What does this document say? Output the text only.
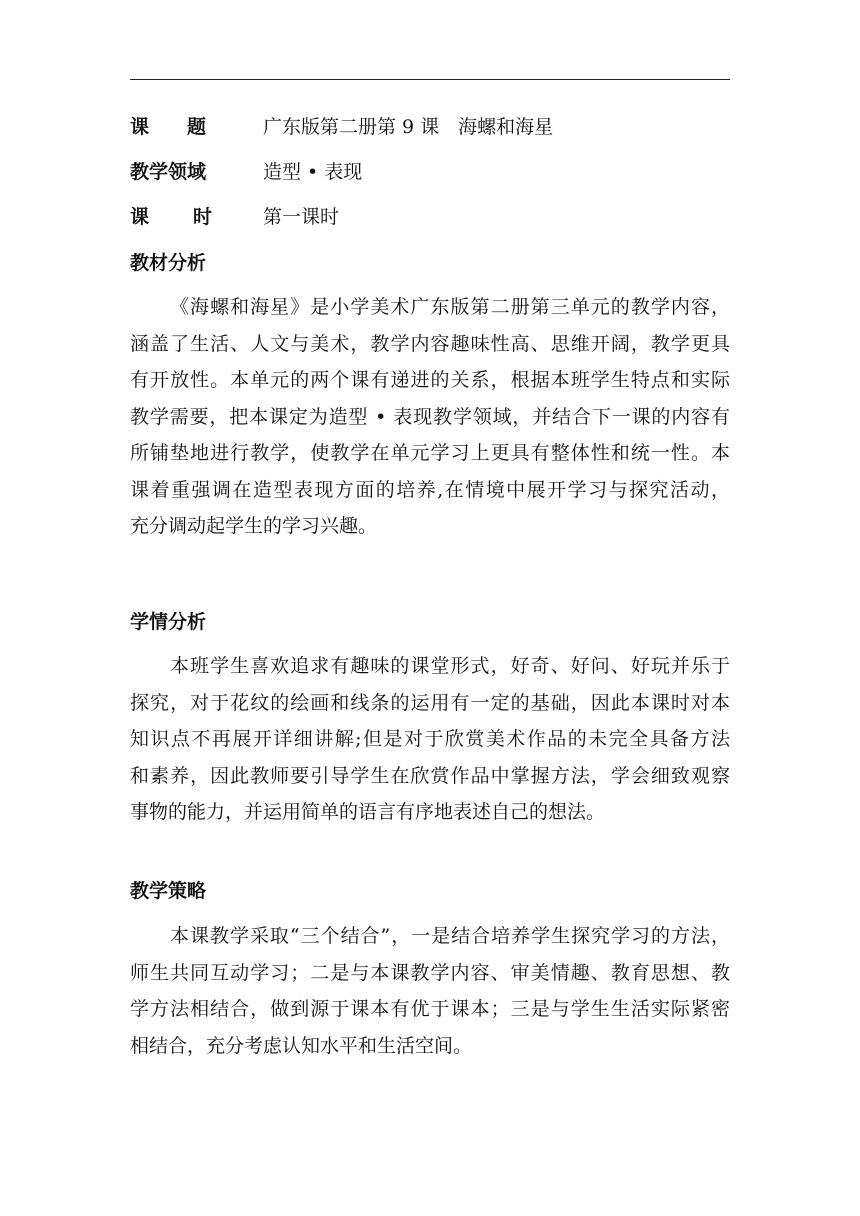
课 题	广东版第二册第 9 课　海螺和海星
教学领域	造型 • 表现
课 时	第一课时
教材分析
《海螺和海星》是小学美术广东版第二册第三单元的教学内容，
涵盖了生活、人文与美术，教学内容趣味性高、思维开阔，教学更具
有开放性。本单元的两个课有递进的关系，根据本班学生特点和实际
教学需要，把本课定为造型 • 表现教学领域，并结合下一课的内容有
所铺垫地进行教学，使教学在单元学习上更具有整体性和统一性。本
课着重强调在造型表现方面的培养,在情境中展开学习与探究活动，
充分调动起学生的学习兴趣。
学情分析
本班学生喜欢追求有趣味的课堂形式，好奇、好问、好玩并乐于
探究，对于花纹的绘画和线条的运用有一定的基础，因此本课时对本
知识点不再展开详细讲解;但是对于欣赏美术作品的未完全具备方法
和素养，因此教师要引导学生在欣赏作品中掌握方法，学会细致观察
事物的能力，并运用简单的语言有序地表述自己的想法。
教学策略
本课教学采取“三个结合”，一是结合培养学生探究学习的方法，
师生共同互动学习；二是与本课教学内容、审美情趣、教育思想、教
学方法相结合，做到源于课本有优于课本；三是与学生生活实际紧密
相结合，充分考虑认知水平和生活空间。
